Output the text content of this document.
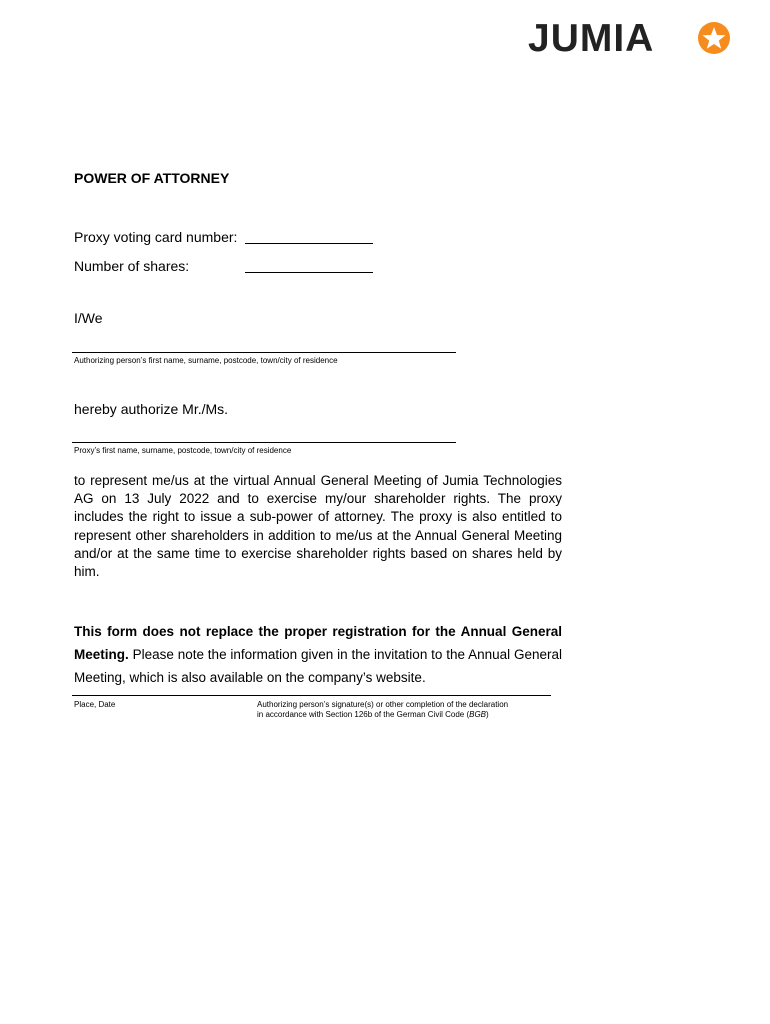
JUMIA
POWER OF ATTORNEY
Proxy voting card number:
Number of shares:
I/We
Authorizing person’s first name, surname, postcode, town/city of residence
hereby authorize Mr./Ms.
Proxy’s first name, surname, postcode, town/city of residence
to represent me/us at the virtual Annual General Meeting of Jumia Technologies AG on 13 July 2022 and to exercise my/our shareholder rights. The proxy includes the right to issue a sub-power of attorney. The proxy is also entitled to represent other shareholders in addition to me/us at the Annual General Meeting and/or at the same time to exercise shareholder rights based on shares held by him.
This form does not replace the proper registration for the Annual General Meeting. Please note the information given in the invitation to the Annual General Meeting, which is also available on the company’s website.
Place, Date	Authorizing person’s signature(s) or other completion of the declaration
in accordance with Section 126b of the German Civil Code (BGB)
